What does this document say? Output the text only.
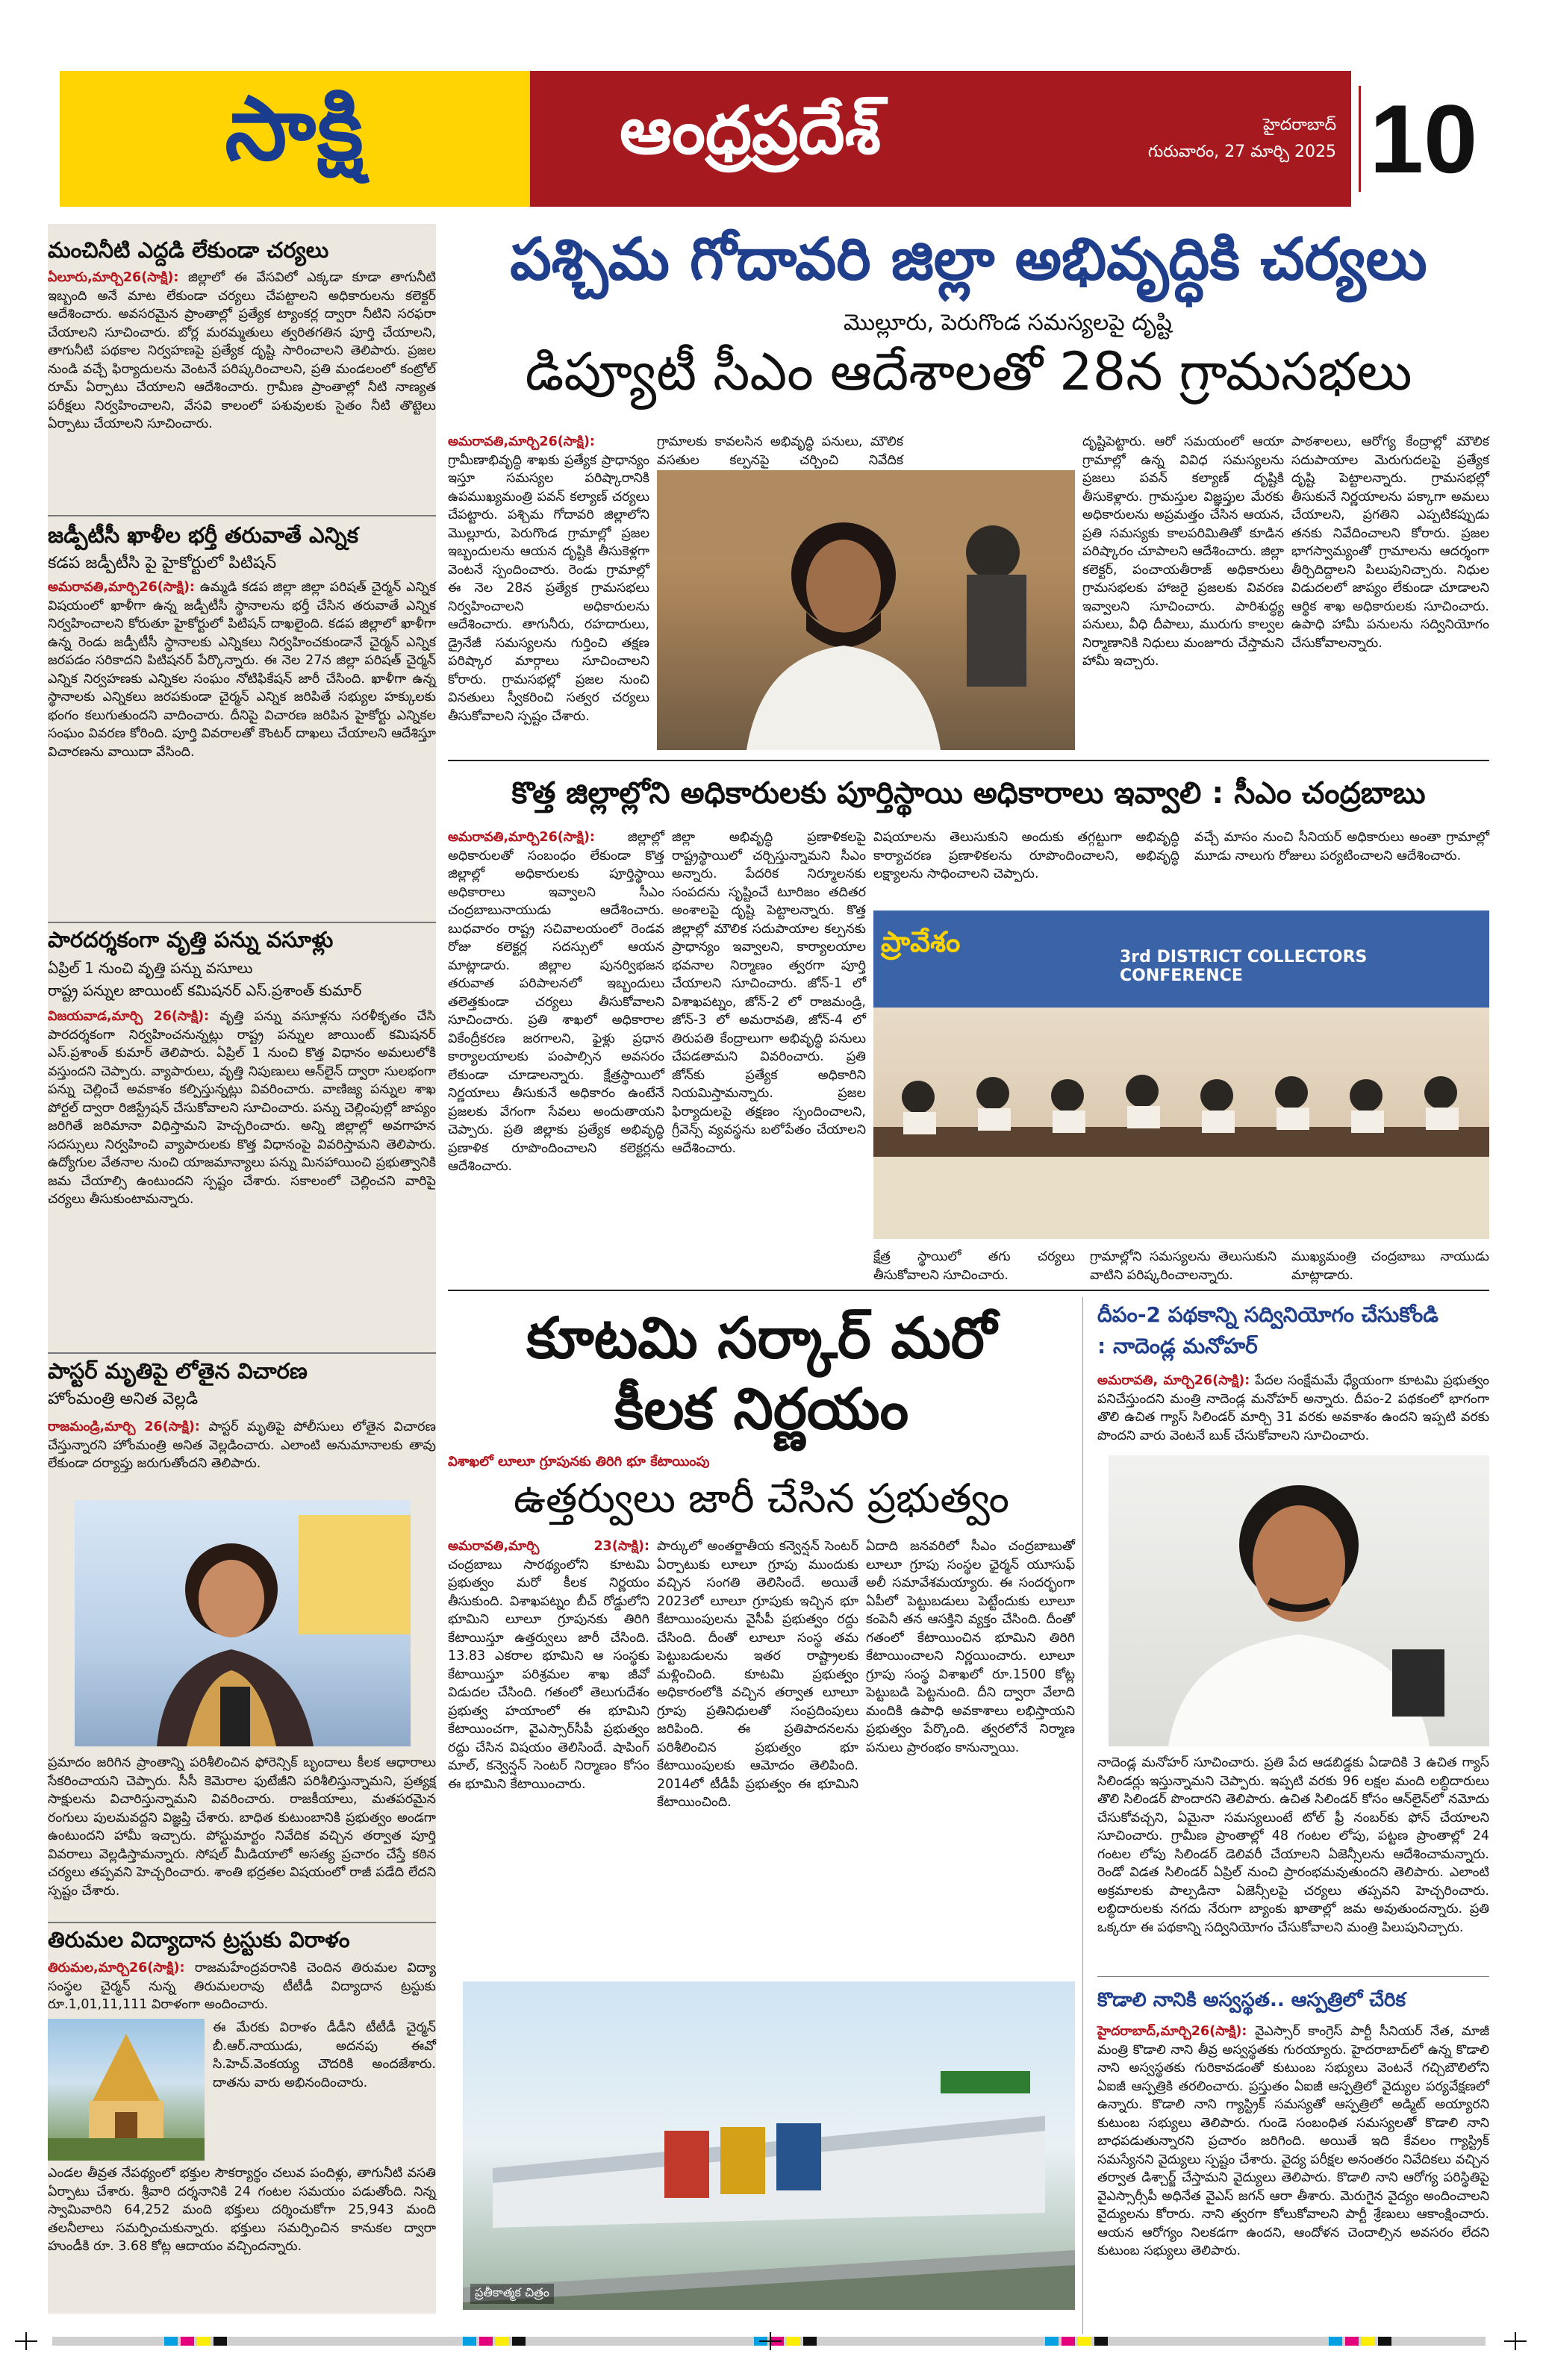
సాక్షి	ఆంధ్రప్రదేశ్	హైదరాబాద్
గురువారం, 27 మార్చి 2025 10
మంచినీటి ఎద్దడి లేకుండా చర్యలు
ఏలూరు,మార్చి26(సాక్షి): జిల్లాలో ఈ వేసవిలో ఎక్కడా కూడా తాగునీటి ఇబ్బంది అనే మాట లేకుండా చర్యలు చేపట్టాలని అధికారులను కలెక్టర్ ఆదేశించారు. అవసరమైన ప్రాంతాల్లో ప్రత్యేక ట్యాంకర్ల ద్వారా నీటిని సరఫరా చేయాలని సూచించారు. బోర్ల మరమ్మతులు త్వరితగతిన పూర్తి చేయాలని, తాగునీటి పథకాల నిర్వహణపై ప్రత్యేక దృష్టి సారించాలని తెలిపారు. ప్రజల నుండి వచ్చే ఫిర్యాదులను వెంటనే పరిష్కరించాలని, ప్రతి మండలంలో కంట్రోల్ రూమ్ ఏర్పాటు చేయాలని ఆదేశించారు. గ్రామీణ ప్రాంతాల్లో నీటి నాణ్యత పరీక్షలు నిర్వహించాలని, వేసవి కాలంలో పశువులకు సైతం నీటి తొట్టెలు ఏర్పాటు చేయాలని సూచించారు.
జడ్పీటీసీ ఖాళీల భర్తీ తరువాతే ఎన్నిక
కడప జడ్పీటీసి పై హైకోర్టులో పిటిషన్
అమరావతి,మార్చి26(సాక్షి): ఉమ్మడి కడప జిల్లా జిల్లా పరిషత్ చైర్మన్ ఎన్నిక విషయంలో ఖాళీగా ఉన్న జడ్పీటీసీ స్థానాలను భర్తీ చేసిన తరువాతే ఎన్నిక నిర్వహించాలని కోరుతూ హైకోర్టులో పిటిషన్ దాఖలైంది. కడప జిల్లాలో ఖాళీగా ఉన్న రెండు జడ్పీటీసీ స్థానాలకు ఎన్నికలు నిర్వహించకుండానే చైర్మన్ ఎన్నిక జరపడం సరికాదని పిటిషనర్ పేర్కొన్నారు. ఈ నెల 27న జిల్లా పరిషత్ చైర్మన్ ఎన్నిక నిర్వహణకు ఎన్నికల సంఘం నోటిఫికేషన్ జారీ చేసింది. ఖాళీగా ఉన్న స్థానాలకు ఎన్నికలు జరపకుండా చైర్మన్ ఎన్నిక జరిపితే సభ్యుల హక్కులకు భంగం కలుగుతుందని వాదించారు. దీనిపై విచారణ జరిపిన హైకోర్టు ఎన్నికల సంఘం వివరణ కోరింది. పూర్తి వివరాలతో కౌంటర్ దాఖలు చేయాలని ఆదేశిస్తూ విచారణను వాయిదా వేసింది.
పారదర్శకంగా వృత్తి పన్ను వసూళ్లు
ఏప్రిల్ 1 నుంచి వృత్తి పన్ను వసూలు
రాష్ట్ర పన్నుల జాయింట్ కమిషనర్ ఎస్.ప్రశాంత్ కుమార్
విజయవాడ,మార్చి 26(సాక్షి): వృత్తి పన్ను వసూళ్లను సరళీకృతం చేసి పారదర్శకంగా నిర్వహించనున్నట్లు రాష్ట్ర పన్నుల జాయింట్ కమిషనర్ ఎస్.ప్రశాంత్ కుమార్ తెలిపారు. ఏప్రిల్ 1 నుంచి కొత్త విధానం అమలులోకి వస్తుందని చెప్పారు. వ్యాపారులు, వృత్తి నిపుణులు ఆన్‌లైన్ ద్వారా సులభంగా పన్ను చెల్లించే అవకాశం కల్పిస్తున్నట్లు వివరించారు. వాణిజ్య పన్నుల శాఖ పోర్టల్ ద్వారా రిజిస్ట్రేషన్ చేసుకోవాలని సూచించారు. పన్ను చెల్లింపుల్లో జాప్యం జరిగితే జరిమానా విధిస్తామని హెచ్చరించారు. అన్ని జిల్లాల్లో అవగాహన సదస్సులు నిర్వహించి వ్యాపారులకు కొత్త విధానంపై వివరిస్తామని తెలిపారు. ఉద్యోగుల వేతనాల నుంచి యాజమాన్యాలు పన్ను మినహాయించి ప్రభుత్వానికి జమ చేయాల్సి ఉంటుందని స్పష్టం చేశారు. సకాలంలో చెల్లించని వారిపై చర్యలు తీసుకుంటామన్నారు.
పాస్టర్ మృతిపై లోతైన విచారణ
హోంమంత్రి అనిత వెల్లడి
రాజమండ్రి,మార్చి 26(సాక్షి): పాస్టర్ మృతిపై పోలీసులు లోతైన విచారణ చేస్తున్నారని హోంమంత్రి అనిత వెల్లడించారు. ఎలాంటి అనుమానాలకు తావు లేకుండా దర్యాప్తు జరుగుతోందని తెలిపారు.
ప్రమాదం జరిగిన ప్రాంతాన్ని పరిశీలించిన ఫోరెన్సిక్ బృందాలు కీలక ఆధారాలు సేకరించాయని చెప్పారు. సీసీ కెమెరాల ఫుటేజీని పరిశీలిస్తున్నామని, ప్రత్యక్ష సాక్షులను విచారిస్తున్నామని వివరించారు. రాజకీయాలు, మతపరమైన రంగులు పులమవద్దని విజ్ఞప్తి చేశారు. బాధిత కుటుంబానికి ప్రభుత్వం అండగా ఉంటుందని హామీ ఇచ్చారు. పోస్టుమార్టం నివేదిక వచ్చిన తర్వాత పూర్తి వివరాలు వెల్లడిస్తామన్నారు. సోషల్ మీడియాలో అసత్య ప్రచారం చేస్తే కఠిన చర్యలు తప్పవని హెచ్చరించారు. శాంతి భద్రతల విషయంలో రాజీ పడేది లేదని స్పష్టం చేశారు.
తిరుమల విద్యాదాన ట్రస్టుకు విరాళం
తిరుమల,మార్చి26(సాక్షి): రాజమహేంద్రవరానికి చెందిన తిరుమల విద్యా సంస్థల చైర్మన్ నున్న తిరుమలరావు టీటీడీ విద్యాదాన ట్రస్టుకు రూ.1,01,11,111 విరాళంగా అందించారు.
ఈ మేరకు విరాళం డీడీని టీటీడీ చైర్మన్ బీ.ఆర్.నాయుడు, అదనపు ఈవో సి.హెచ్.వెంకయ్య చౌదరికి అందజేశారు. దాతను వారు అభినందించారు.
ఎండల తీవ్రత నేపథ్యంలో భక్తుల సౌకర్యార్థం చలువ పందిళ్లు, తాగునీటి వసతి ఏర్పాటు చేశారు. శ్రీవారి దర్శనానికి 24 గంటల సమయం పడుతోంది. నిన్న స్వామివారిని 64,252 మంది భక్తులు దర్శించుకోగా 25,943 మంది తలనీలాలు సమర్పించుకున్నారు. భక్తులు సమర్పించిన కానుకల ద్వారా హుండీకి రూ. 3.68 కోట్ల ఆదాయం వచ్చిందన్నారు.
పశ్చిమ గోదావరి జిల్లా అభివృద్ధికి చర్యలు
మొల్లూరు, పెరుగొండ సమస్యలపై దృష్టి
డిప్యూటీ సీఎం ఆదేశాలతో 28న గ్రామసభలు
అమరావతి,మార్చి26(సాక్షి): గ్రామీణాభివృద్ధి శాఖకు ప్రత్యేక ప్రాధాన్యం ఇస్తూ సమస్యల పరిష్కారానికి ఉపముఖ్యమంత్రి పవన్ కల్యాణ్ చర్యలు చేపట్టారు. పశ్చిమ గోదావరి జిల్లాలోని మొల్లూరు, పెరుగొండ గ్రామాల్లో ప్రజల ఇబ్బందులను ఆయన దృష్టికి తీసుకెళ్లగా వెంటనే స్పందించారు. రెండు గ్రామాల్లో ఈ నెల 28న ప్రత్యేక గ్రామసభలు నిర్వహించాలని అధికారులను ఆదేశించారు. తాగునీరు, రహదారులు, డ్రైనేజీ సమస్యలను గుర్తించి తక్షణ పరిష్కార మార్గాలు సూచించాలని కోరారు. గ్రామసభల్లో ప్రజల నుంచి వినతులు స్వీకరించి సత్వర చర్యలు తీసుకోవాలని స్పష్టం చేశారు.
గ్రామాలకు కావలసిన అభివృద్ధి పనులు, మౌలిక వసతుల కల్పనపై చర్చించి నివేదిక
దృష్టిపెట్టారు. ఆరో సమయంలో ఆయా గ్రామాల్లో ఉన్న వివిధ సమస్యలను ప్రజలు పవన్ కల్యాణ్ దృష్టికి తీసుకెళ్లారు. గ్రామస్తుల విజ్ఞప్తుల మేరకు అధికారులను అప్రమత్తం చేసిన ఆయన, ప్రతి సమస్యకు కాలపరిమితితో కూడిన పరిష్కారం చూపాలని ఆదేశించారు. జిల్లా కలెక్టర్, పంచాయతీరాజ్ అధికారులు గ్రామసభలకు హాజరై ప్రజలకు వివరణ ఇవ్వాలని సూచించారు. పారిశుద్ధ్య పనులు, వీధి దీపాలు, మురుగు కాల్వల నిర్మాణానికి నిధులు మంజూరు చేస్తామని హామీ ఇచ్చారు.
పాఠశాలలు, ఆరోగ్య కేంద్రాల్లో మౌలిక సదుపాయాల మెరుగుదలపై ప్రత్యేక దృష్టి పెట్టాలన్నారు. గ్రామసభల్లో తీసుకునే నిర్ణయాలను పక్కాగా అమలు చేయాలని, ప్రగతిని ఎప్పటికప్పుడు తనకు నివేదించాలని కోరారు. ప్రజల భాగస్వామ్యంతో గ్రామాలను ఆదర్శంగా తీర్చిదిద్దాలని పిలుపునిచ్చారు. నిధుల విడుదలలో జాప్యం లేకుండా చూడాలని ఆర్థిక శాఖ అధికారులకు సూచించారు. ఉపాధి హామీ పనులను సద్వినియోగం చేసుకోవాలన్నారు.
కొత్త జిల్లాల్లోని అధికారులకు పూర్తిస్థాయి అధికారాలు ఇవ్వాలి : సీఎం చంద్రబాబు
అమరావతి,మార్చి26(సాక్షి):	జిల్లాల్లో అధికారులతో సంబంధం లేకుండా కొత్త జిల్లాల్లో అధికారులకు పూర్తిస్థాయి అధికారాలు ఇవ్వాలని సీఎం చంద్రబాబునాయుడు ఆదేశించారు. బుధవారం రాష్ట్ర సచివాలయంలో రెండవ రోజు కలెక్టర్ల సదస్సులో ఆయన మాట్లాడారు. జిల్లాల పునర్విభజన తరువాత పరిపాలనలో ఇబ్బందులు తలెత్తకుండా చర్యలు తీసుకోవాలని సూచించారు. ప్రతి శాఖలో అధికారాల వికేంద్రీకరణ జరగాలని, ఫైళ్లు ప్రధాన కార్యాలయాలకు పంపాల్సిన అవసరం లేకుండా చూడాలన్నారు. క్షేత్రస్థాయిలో నిర్ణయాలు తీసుకునే అధికారం ఉంటేనే ప్రజలకు వేగంగా సేవలు అందుతాయని చెప్పారు. ప్రతి జిల్లాకు ప్రత్యేక అభివృద్ధి ప్రణాళిక రూపొందించాలని కలెక్టర్లను ఆదేశించారు.
జిల్లా అభివృద్ధి ప్రణాళికలపై రాష్ట్రస్థాయిలో చర్చిస్తున్నామని సీఎం అన్నారు. పేదరిక నిర్మూలనకు సంపదను సృష్టించే టూరిజం తదితర అంశాలపై దృష్టి పెట్టాలన్నారు. కొత్త జిల్లాల్లో మౌలిక సదుపాయాల కల్పనకు ప్రాధాన్యం ఇవ్వాలని, కార్యాలయాల భవనాల నిర్మాణం త్వరగా పూర్తి చేయాలని సూచించారు. జోన్-1 లో విశాఖపట్నం, జోన్-2 లో రాజమండ్రి, జోన్-3 లో అమరావతి, జోన్-4 లో తిరుపతి కేంద్రాలుగా అభివృద్ధి పనులు చేపడతామని వివరించారు. ప్రతి జోన్‌కు ప్రత్యేక అధికారిని నియమిస్తామన్నారు. ప్రజల ఫిర్యాదులపై తక్షణం స్పందించాలని, గ్రీవెన్స్ వ్యవస్థను బలోపేతం చేయాలని ఆదేశించారు.
విషయాలను తెలుసుకుని అందుకు తగ్గట్టుగా అభివృద్ధి కార్యాచరణ ప్రణాళికలను రూపొందించాలని, అభివృద్ధి లక్ష్యాలను సాధించాలని చెప్పారు.
వచ్చే మాసం నుంచి సీనియర్ అధికారులు అంతా గ్రామాల్లో మూడు నాలుగు రోజులు పర్యటించాలని ఆదేశించారు.
ప్రావేశం	3rd DISTRICT COLLECTORS CONFERENCE
క్షేత్ర స్థాయిలో తగు చర్యలు తీసుకోవాలని సూచించారు.
గ్రామాల్లోని సమస్యలను తెలుసుకుని వాటిని పరిష్కరించాలన్నారు.
ముఖ్యమంత్రి చంద్రబాబు నాయుడు మాట్లాడారు.
కూటమి సర్కార్ మరో
కీలక నిర్ణయం
విశాఖలో లూలూ గ్రూపునకు తిరిగి భూ కేటాయింపు
ఉత్తర్వులు జారీ చేసిన ప్రభుత్వం
అమరావతి,మార్చి 23(సాక్షి): చంద్రబాబు సారథ్యంలోని కూటమి ప్రభుత్వం మరో కీలక నిర్ణయం తీసుకుంది. విశాఖపట్నం బీచ్ రోడ్డులోని భూమిని లూలూ గ్రూపునకు తిరిగి కేటాయిస్తూ ఉత్తర్వులు జారీ చేసింది. 13.83 ఎకరాల భూమిని ఆ సంస్థకు కేటాయిస్తూ పరిశ్రమల శాఖ జీవో విడుదల చేసింది. గతంలో తెలుగుదేశం ప్రభుత్వ హయాంలో ఈ భూమిని కేటాయించగా, వైఎస్సార్‌సీపీ ప్రభుత్వం రద్దు చేసిన విషయం తెలిసిందే. షాపింగ్ మాల్, కన్వెన్షన్ సెంటర్ నిర్మాణం కోసం ఈ భూమిని కేటాయించారు.
పార్కులో అంతర్జాతీయ కన్వెన్షన్ సెంటర్ ఏర్పాటుకు లూలూ గ్రూపు ముందుకు వచ్చిన సంగతి తెలిసిందే. అయితే 2023లో లూలూ గ్రూపుకు ఇచ్చిన భూ కేటాయింపులను వైసీపీ ప్రభుత్వం రద్దు చేసింది. దీంతో లూలూ సంస్థ తమ పెట్టుబడులను ఇతర రాష్ట్రాలకు మళ్లించింది. కూటమి ప్రభుత్వం అధికారంలోకి వచ్చిన తర్వాత లూలూ గ్రూపు ప్రతినిధులతో సంప్రదింపులు జరిపింది. ఈ ప్రతిపాదనలను పరిశీలించిన ప్రభుత్వం భూ కేటాయింపులకు ఆమోదం తెలిపింది. 2014లో టీడీపీ ప్రభుత్వం ఈ భూమిని కేటాయించింది.
ఏదాది జనవరిలో సీఎం చంద్రబాబుతో లూలూ గ్రూపు సంస్థల ఛైర్మన్ యూసుఫ్ అలీ సమావేశమయ్యారు. ఈ సందర్భంగా ఏపీలో పెట్టుబడులు పెట్టేందుకు లూలూ కంపెనీ తన ఆసక్తిని వ్యక్తం చేసింది. దీంతో గతంలో కేటాయించిన భూమిని తిరిగి కేటాయించాలని నిర్ణయించారు. లూలూ గ్రూపు సంస్థ విశాఖలో రూ.1500 కోట్ల పెట్టుబడి పెట్టనుంది. దీని ద్వారా వేలాది మందికి ఉపాధి అవకాశాలు లభిస్తాయని ప్రభుత్వం పేర్కొంది. త్వరలోనే నిర్మాణ పనులు ప్రారంభం కానున్నాయి.
ప్రతీకాత్మక చిత్రం
దీపం-2 పథకాన్ని సద్వినియోగం చేసుకోండి
: నాదెండ్ల మనోహర్
అమరావతి, మార్చి26(సాక్షి): పేదల సంక్షేమమే ధ్యేయంగా కూటమి ప్రభుత్వం పనిచేస్తుందని మంత్రి నాదెండ్ల మనోహర్ అన్నారు. దీపం-2 పథకంలో భాగంగా తొలి ఉచిత గ్యాస్ సిలిండర్ మార్చి 31 వరకు అవకాశం ఉందని ఇప్పటి వరకు పొందని వారు వెంటనే బుక్ చేసుకోవాలని సూచించారు.
నాదెండ్ల మనోహర్ సూచించారు. ప్రతి పేద ఆడబిడ్డకు ఏడాదికి 3 ఉచిత గ్యాస్ సిలిండర్లు ఇస్తున్నామని చెప్పారు. ఇప్పటి వరకు 96 లక్షల మంది లబ్ధిదారులు తొలి సిలిండర్ పొందారని తెలిపారు. ఉచిత సిలిండర్ కోసం ఆన్‌లైన్‌లో నమోదు చేసుకోవచ్చని, ఏమైనా సమస్యలుంటే టోల్ ఫ్రీ నంబర్‌కు ఫోన్ చేయాలని సూచించారు. గ్రామీణ ప్రాంతాల్లో 48 గంటల లోపు, పట్టణ ప్రాంతాల్లో 24 గంటల లోపు సిలిండర్ డెలివరీ చేయాలని ఏజెన్సీలను ఆదేశించామన్నారు. రెండో విడత సిలిండర్ ఏప్రిల్ నుంచి ప్రారంభమవుతుందని తెలిపారు. ఎలాంటి అక్రమాలకు పాల్పడినా ఏజెన్సీలపై చర్యలు తప్పవని హెచ్చరించారు. లబ్ధిదారులకు నగదు నేరుగా బ్యాంకు ఖాతాల్లో జమ అవుతుందన్నారు. ప్రతి ఒక్కరూ ఈ పథకాన్ని సద్వినియోగం చేసుకోవాలని మంత్రి పిలుపునిచ్చారు.
కొడాలి నానికి అస్వస్థత.. ఆస్పత్రిలో చేరిక
హైదరాబాద్,మార్చి26(సాక్షి): వైఎస్సార్ కాంగ్రెస్ పార్టీ సీనియర్ నేత, మాజీ మంత్రి కొడాలి నాని తీవ్ర అస్వస్థతకు గురయ్యారు. హైదరాబాద్‌లో ఉన్న కొడాలి నాని అస్వస్థతకు గురికావడంతో కుటుంబ సభ్యులు వెంటనే గచ్చిబౌలిలోని ఏఐజీ ఆస్పత్రికి తరలించారు. ప్రస్తుతం ఏఐజీ ఆస్పత్రిలో వైద్యుల పర్యవేక్షణలో ఉన్నారు. కొడాలి నాని గ్యాస్ట్రిక్ సమస్యతో ఆస్పత్రిలో అడ్మిట్ అయ్యారని కుటుంబ సభ్యులు తెలిపారు. గుండె సంబంధిత సమస్యలతో కొడాలి నాని బాధపడుతున్నారని ప్రచారం జరిగింది. అయితే ఇది కేవలం గ్యాస్ట్రిక్ సమస్యేనని వైద్యులు స్పష్టం చేశారు. వైద్య పరీక్షల అనంతరం నివేదికలు వచ్చిన తర్వాత డిశ్చార్జ్ చేస్తామని వైద్యులు తెలిపారు. కొడాలి నాని ఆరోగ్య పరిస్థితిపై వైఎస్సార్సీపీ అధినేత వైఎస్ జగన్ ఆరా తీశారు. మెరుగైన వైద్యం అందించాలని వైద్యులను కోరారు. నాని త్వరగా కోలుకోవాలని పార్టీ శ్రేణులు ఆకాంక్షించారు. ఆయన ఆరోగ్యం నిలకడగా ఉందని, ఆందోళన చెందాల్సిన అవసరం లేదని కుటుంబ సభ్యులు తెలిపారు.
